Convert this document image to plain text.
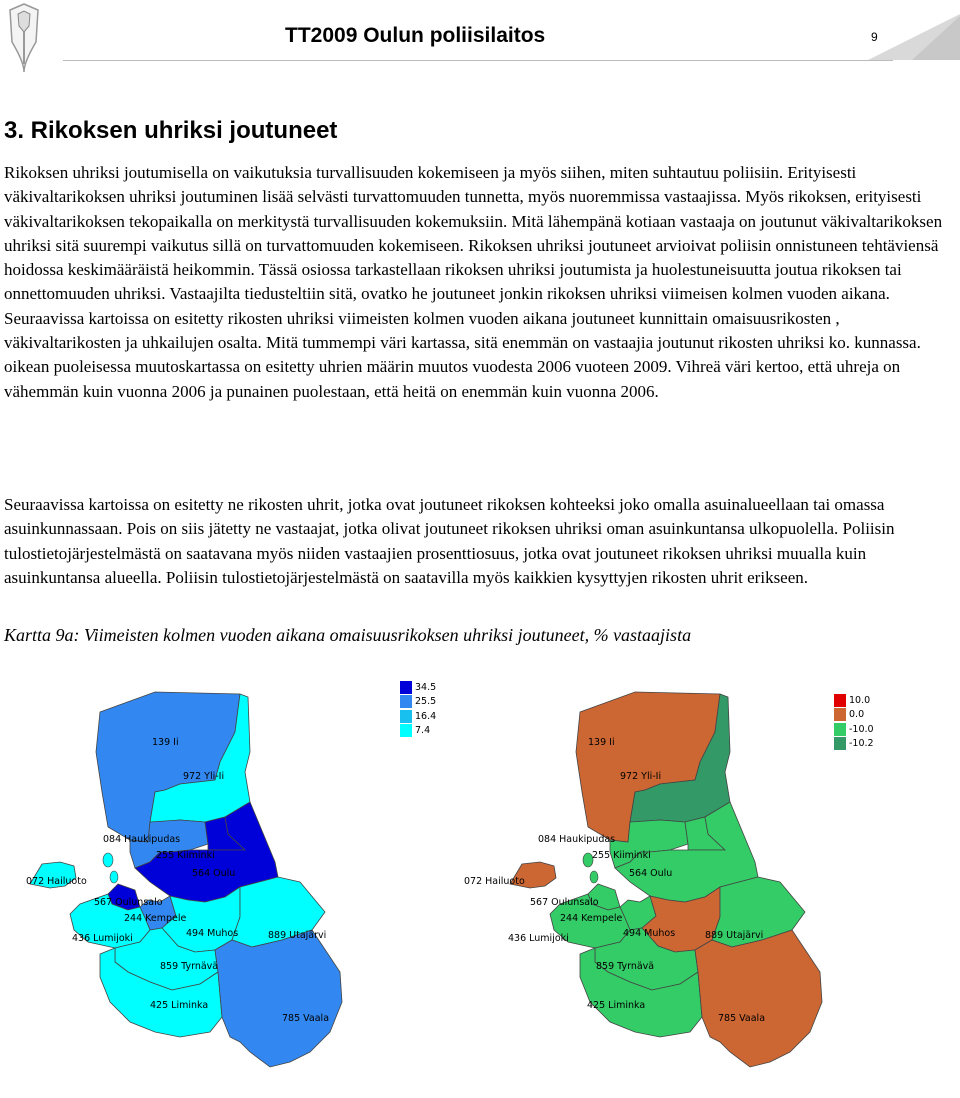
TT2009 Oulun poliisilaitos	9
3. Rikoksen uhriksi joutuneet

Rikoksen uhriksi joutumisella on vaikutuksia turvallisuuden kokemiseen ja myös siihen, miten suhtautuu poliisiin. Erityisesti väkivaltarikoksen uhriksi joutuminen lisää selvästi turvattomuuden tunnetta, myös nuoremmissa vastaajissa. Myös rikoksen, erityisesti väkivaltarikoksen tekopaikalla on merkitystä turvallisuuden kokemuksiin. Mitä lähempänä kotiaan vastaaja on joutunut väkivaltarikoksen uhriksi sitä suurempi vaikutus sillä on turvattomuuden kokemiseen. Rikoksen uhriksi joutuneet arvioivat poliisin onnistuneen tehtäviensä hoidossa keskimääräistä heikommin. Tässä osiossa tarkastellaan rikoksen uhriksi joutumista ja huolestuneisuutta joutua rikoksen tai onnettomuuden uhriksi. Vastaajilta tiedusteltiin sitä, ovatko he joutuneet jonkin rikoksen uhriksi viimeisen kolmen vuoden aikana. Seuraavissa kartoissa on esitetty rikosten uhriksi viimeisten kolmen vuoden aikana joutuneet kunnittain omaisuusrikosten , väkivaltarikosten ja uhkailujen osalta. Mitä tummempi väri kartassa, sitä enemmän on vastaajia joutunut rikosten uhriksi ko. kunnassa. oikean puoleisessa muutoskartassa on esitetty uhrien määrin muutos vuodesta 2006 vuoteen 2009. Vihreä väri kertoo, että uhreja on vähemmän kuin vuonna 2006 ja punainen puolestaan, että heitä on enemmän kuin vuonna 2006.

Seuraavissa kartoissa on esitetty ne rikosten uhrit, jotka ovat joutuneet rikoksen kohteeksi joko omalla asuinalueellaan tai omassa asuinkunnassaan. Pois on siis jätetty ne vastaajat, jotka olivat joutuneet rikoksen uhriksi oman asuinkuntansa ulkopuolella. Poliisin tulostietojärjestelmästä on saatavana myös niiden vastaajien prosenttiosuus, jotka ovat joutuneet rikoksen uhriksi muualla kuin asuinkuntansa alueella. Poliisin tulostietojärjestelmästä on saatavilla myös kaikkien kysyttyjen rikosten uhrit erikseen.

Kartta 9a: Viimeisten kolmen vuoden aikana omaisuusrikoksen uhriksi joutuneet, % vastaajista

139 Ii
972 Yli-Ii
084 Haukipudas
255 Kiiminki
564 Oulu
072 Hailuoto
567 Oulunsalo
244 Kempele
436 Lumijoki	494 Muhos	889 Utajärvi
859 Tyrnävä
425 Liminka
785 Vaala
139 Ii
972 Yli-Ii
084 Haukipudas
255 Kiiminki
564 Oulu
072 Hailuoto
567 Oulunsalo
244 Kempele
436 Lumijoki	494 Muhos	889 Utajärvi
859 Tyrnävä
425 Liminka
785 Vaala
34.5
25.5
16.4
7.4
10.0
0.0
-10.0
-10.2
